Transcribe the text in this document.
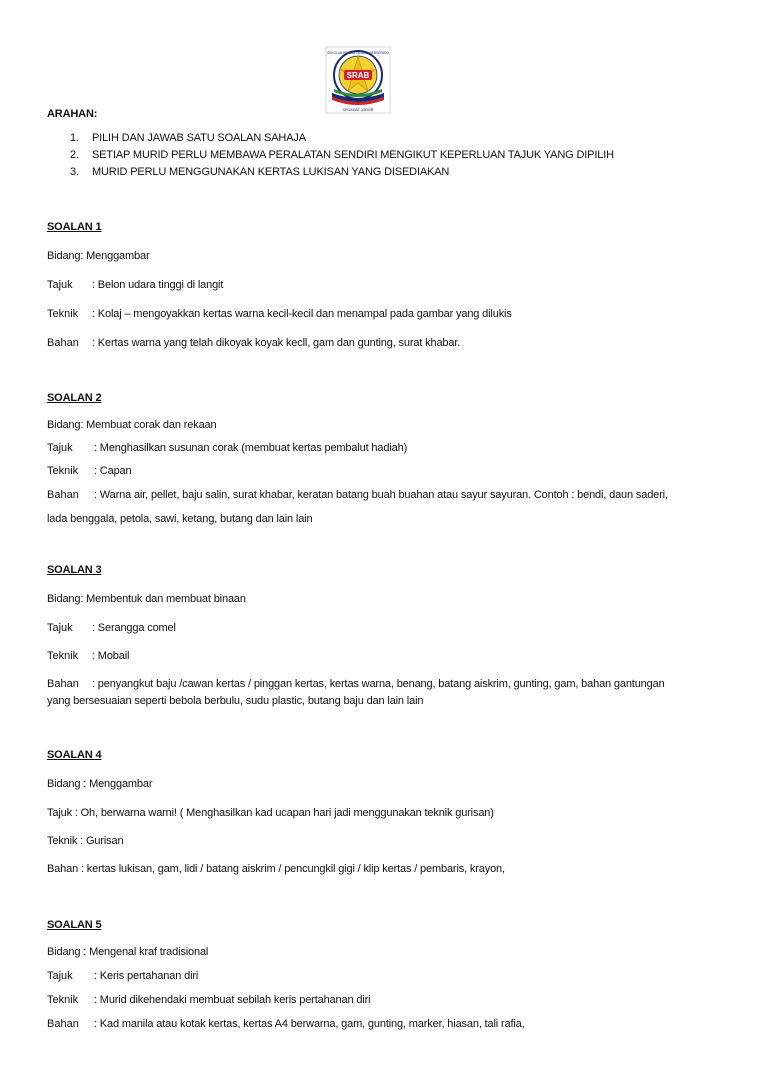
SRAB
SEGAMAT JOHOR
SEKOLAH RENDAH AGAMA BERSEPADU
ARAHAN:
1. PILIH DAN JAWAB SATU SOALAN SAHAJA
2. SETIAP MURID PERLU MEMBAWA PERALATAN SENDIRI MENGIKUT KEPERLUAN TAJUK YANG DIPILIH
3. MURID PERLU MENGGUNAKAN KERTAS LUKISAN YANG DISEDIAKAN
SOALAN 1
Bidang: Menggambar
Tajuk : Belon udara tinggi di langit
Teknik : Kolaj – mengoyakkan kertas warna kecil-kecil dan menampal pada gambar yang dilukis
Bahan : Kertas warna yang telah dikoyak koyak kecll, gam dan gunting, surat khabar.
SOALAN 2
Bidang: Membuat corak dan rekaan
Tajuk : Menghasilkan susunan corak (membuat kertas pembalut hadiah)
Teknik : Capan
Bahan : Warna air, pellet, baju salin, surat khabar, keratan batang buah buahan atau sayur sayuran. Contoh : bendi, daun saderi,
lada benggala, petola, sawi, ketang, butang dan lain lain
SOALAN 3
Bidang: Membentuk dan membuat binaan
Tajuk : Serangga comel
Teknik : Mobail
Bahan : penyangkut baju /cawan kertas / pinggan kertas, kertas warna, benang, batang aiskrim, gunting, gam, bahan gantungan
yang bersesuaian seperti bebola berbulu, sudu plastic, butang baju dan lain lain
SOALAN 4
Bidang : Menggambar
Tajuk : Oh, berwarna warni! ( Menghasilkan kad ucapan hari jadi menggunakan teknik gurisan)
Teknik : Gurisan
Bahan : kertas lukisan, gam, lidi / batang aiskrim / pencungkil gigi / klip kertas / pembaris, krayon,
SOALAN 5
Bidang : Mengenal kraf tradisional
Tajuk : Keris pertahanan diri
Teknik : Murid dikehendaki membuat sebilah keris pertahanan diri
Bahan : Kad manila atau kotak kertas, kertas A4 berwarna, gam, gunting, marker, hiasan, tali rafia,
